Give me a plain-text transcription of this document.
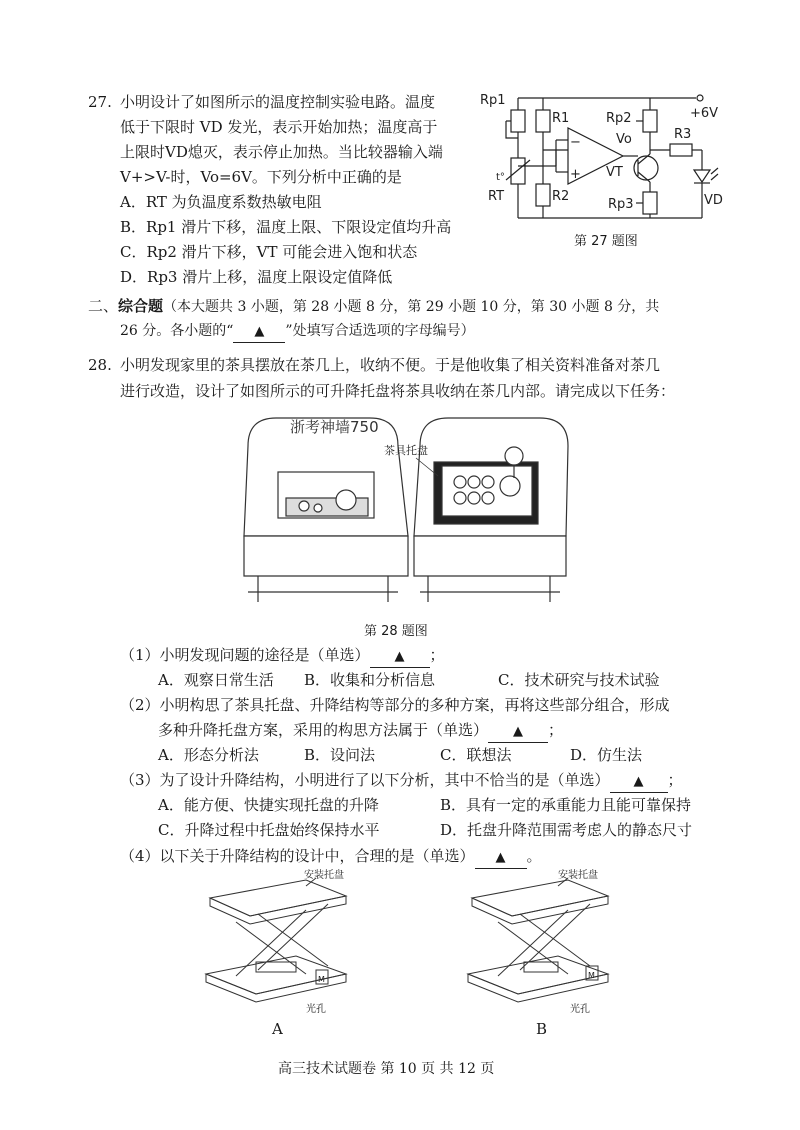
27. 小明设计了如图所示的温度控制实验电路。温度
低于下限时 VD 发光，表示开始加热；温度高于
上限时VD熄灭，表示停止加热。当比较器输入端
V+>V-时，Vo=6V。下列分析中正确的是
A．RT 为负温度系数热敏电阻
B．Rp1 滑片下移，温度上限、下限设定值均升高
C．Rp2 滑片下移，VT 可能会进入饱和状态
D．Rp3 滑片上移，温度上限设定值降低
Rp1
R1	Rp2	+6V
R3
Vo
VT
−
+
t°
RT	R2
Rp3	VD
第 27 题图
二、综合题（本大题共 3 小题，第 28 小题 8 分，第 29 小题 10 分，第 30 小题 8 分，共
26 分。各小题的“ ▲ ”处填写合适选项的字母编号）
28. 小明发现家里的茶具摆放在茶几上，收纳不便。于是他收集了相关资料准备对茶几
进行改造，设计了如图所示的可升降托盘将茶具收纳在茶几内部。请完成以下任务：
浙考神墙750
茶具托盘
第 28 题图
（1）小明发现问题的途径是（单选） ▲ ；
A．观察日常生活 B．收集和分析信息	C．技术研究与技术试验
（2）小明构思了茶具托盘、升降结构等部分的多种方案，再将这些部分组合，形成
多种升降托盘方案，采用的构思方法属于（单选） ▲ ；
A．形态分析法	B．设问法	C．联想法	D．仿生法
（3）为了设计升降结构，小明进行了以下分析，其中不恰当的是（单选） ▲ ；
A．能方便、快捷实现托盘的升降	B．具有一定的承重能力且能可靠保持
C．升降过程中托盘始终保持水平	D．托盘升降范围需考虑人的静态尺寸
（4）以下关于升降结构的设计中，合理的是（单选） ▲ 。
安装托盘
M
光孔
A
安装托盘
M
光孔
B
高三技术试题卷 第 10 页 共 12 页
